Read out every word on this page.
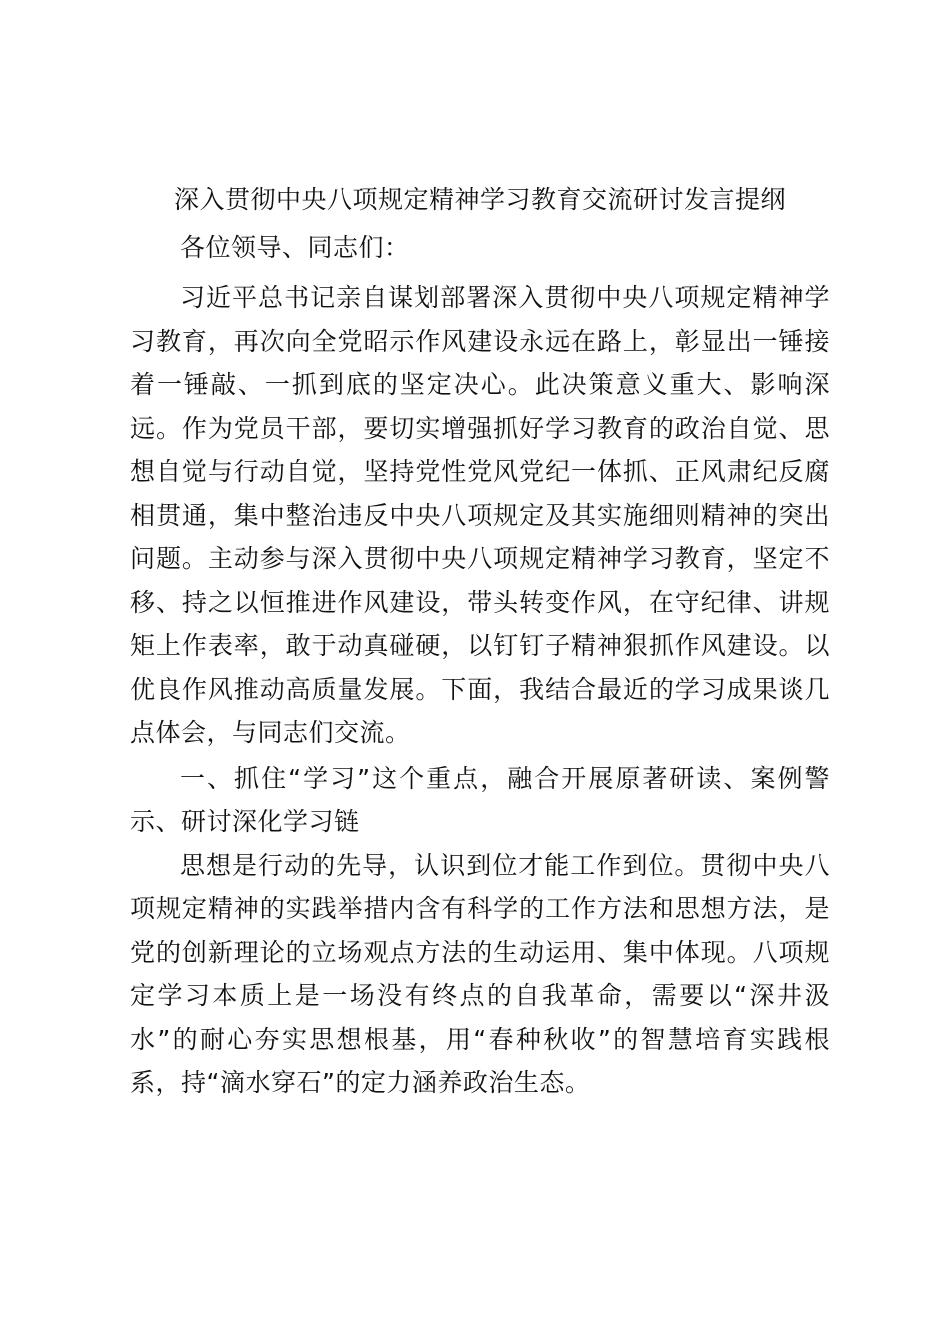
深入贯彻中央八项规定精神学习教育交流研讨发言提纲

各位领导、同志们：

习近平总书记亲自谋划部署深入贯彻中央八项规定精神学习教育，再次向全党昭示作风建设永远在路上，彰显出一锤接着一锤敲、一抓到底的坚定决心。此决策意义重大、影响深远。作为党员干部，要切实增强抓好学习教育的政治自觉、思想自觉与行动自觉，坚持党性党风党纪一体抓、正风肃纪反腐相贯通，集中整治违反中央八项规定及其实施细则精神的突出问题。主动参与深入贯彻中央八项规定精神学习教育，坚定不移、持之以恒推进作风建设，带头转变作风，在守纪律、讲规矩上作表率，敢于动真碰硬，以钉钉子精神狠抓作风建设。以优良作风推动高质量发展。下面，我结合最近的学习成果谈几点体会，与同志们交流。

一、抓住“学习”这个重点，融合开展原著研读、案例警示、研讨深化学习链

思想是行动的先导，认识到位才能工作到位。贯彻中央八项规定精神的实践举措内含有科学的工作方法和思想方法，是党的创新理论的立场观点方法的生动运用、集中体现。八项规定学习本质上是一场没有终点的自我革命，需要以“深井汲水”的耐心夯实思想根基，用“春种秋收”的智慧培育实践根系，持“滴水穿石”的定力涵养政治生态。
